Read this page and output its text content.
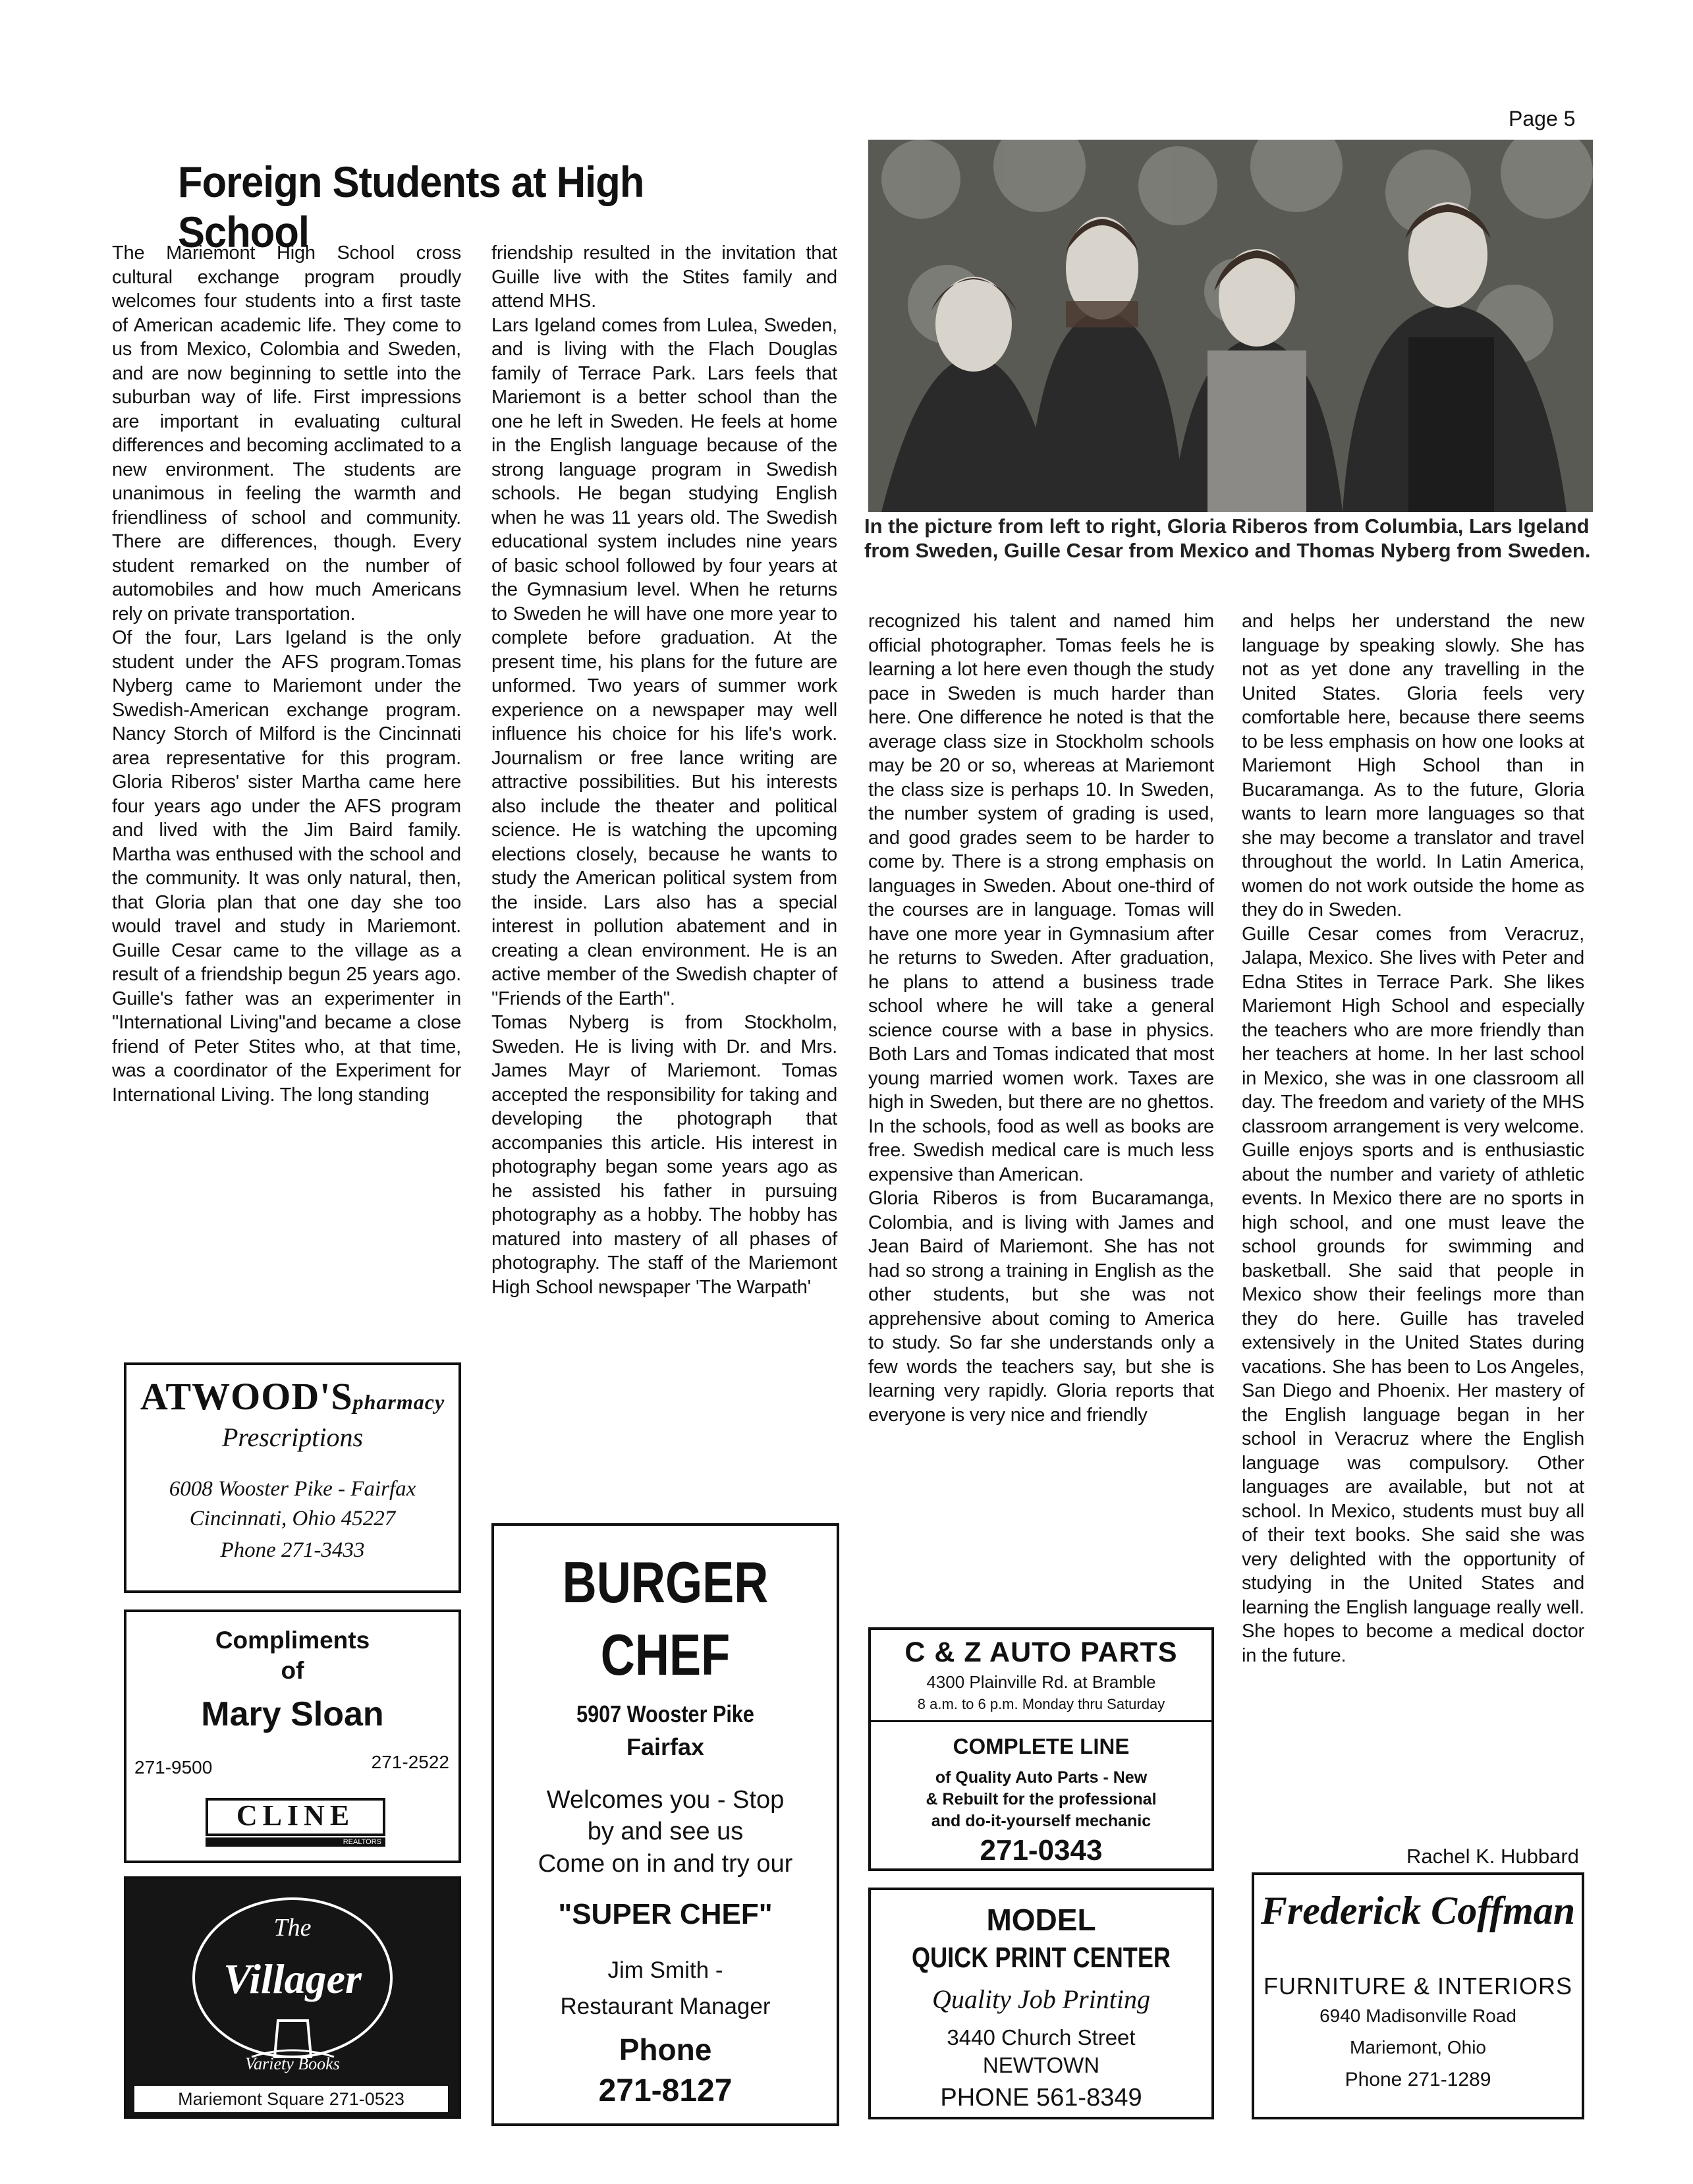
Page 5
Foreign Students at High School
The Mariemont High School cross cultural exchange program proudly welcomes four students into a first taste of American academic life. They come to us from Mexico, Colombia and Sweden, and are now beginning to settle into the suburban way of life. First impressions are important in evaluating cultural differences and becoming acclimated to a new environment. The students are unanimous in feeling the warmth and friendliness of school and community. There are differences, though. Every student remarked on the number of automobiles and how much Americans rely on private transportation.
Of the four, Lars Igeland is the only student under the AFS program.Tomas Nyberg came to Mariemont under the Swedish-American exchange program. Nancy Storch of Milford is the Cincinnati area representative for this program. Gloria Riberos' sister Martha came here four years ago under the AFS program and lived with the Jim Baird family. Martha was enthused with the school and the community. It was only natural, then, that Gloria plan that one day she too would travel and study in Mariemont. Guille Cesar came to the village as a result of a friendship begun 25 years ago. Guille's father was an experimenter in "International Living"and became a close friend of Peter Stites who, at that time, was a coordinator of the Experiment for International Living. The long standing
friendship resulted in the invitation that Guille live with the Stites family and attend MHS.
Lars Igeland comes from Lulea, Sweden, and is living with the Flach Douglas family of Terrace Park. Lars feels that Mariemont is a better school than the one he left in Sweden. He feels at home in the English language because of the strong language program in Swedish schools. He began studying English when he was 11 years old. The Swedish educational system includes nine years of basic school followed by four years at the Gymnasium level. When he returns to Sweden he will have one more year to complete before graduation. At the present time, his plans for the future are unformed. Two years of summer work experience on a newspaper may well influence his choice for his life's work. Journalism or free lance writing are attractive possibilities. But his interests also include the theater and political science. He is watching the upcoming elections closely, because he wants to study the American political system from the inside. Lars also has a special interest in pollution abatement and in creating a clean environment. He is an active member of the Swedish chapter of "Friends of the Earth".
Tomas Nyberg is from Stockholm, Sweden. He is living with Dr. and Mrs. James Mayr of Mariemont. Tomas accepted the responsibility for taking and developing the photograph that accompanies this article. His interest in photography began some years ago as he assisted his father in pursuing photography as a hobby. The hobby has matured into mastery of all phases of photography. The staff of the Mariemont High School newspaper 'The Warpath'
recognized his talent and named him official photographer. Tomas feels he is learning a lot here even though the study pace in Sweden is much harder than here. One difference he noted is that the average class size in Stockholm schools may be 20 or so, whereas at Mariemont the class size is perhaps 10. In Sweden, the number system of grading is used, and good grades seem to be harder to come by. There is a strong emphasis on languages in Sweden. About one-third of the courses are in language. Tomas will have one more year in Gymnasium after he returns to Sweden. After graduation, he plans to attend a business trade school where he will take a general science course with a base in physics. Both Lars and Tomas indicated that most young married women work. Taxes are high in Sweden, but there are no ghettos. In the schools, food as well as books are free. Swedish medical care is much less expensive than American.
Gloria Riberos is from Bucaramanga, Colombia, and is living with James and Jean Baird of Mariemont. She has not had so strong a training in English as the other students, but she was not apprehensive about coming to America to study. So far she understands only a few words the teachers say, but she is learning very rapidly. Gloria reports that everyone is very nice and friendly
and helps her understand the new language by speaking slowly. She has not as yet done any travelling in the United States. Gloria feels very comfortable here, because there seems to be less emphasis on how one looks at Mariemont High School than in Bucaramanga. As to the future, Gloria wants to learn more languages so that she may become a translator and travel throughout the world. In Latin America, women do not work outside the home as they do in Sweden.
Guille Cesar comes from Veracruz, Jalapa, Mexico. She lives with Peter and Edna Stites in Terrace Park. She likes Mariemont High School and especially the teachers who are more friendly than her teachers at home. In her last school in Mexico, she was in one classroom all day. The freedom and variety of the MHS classroom arrangement is very welcome. Guille enjoys sports and is enthusiastic about the number and variety of athletic events. In Mexico there are no sports in high school, and one must leave the school grounds for swimming and basketball. She said that people in Mexico show their feelings more than they do here. Guille has traveled extensively in the United States during vacations. She has been to Los Angeles, San Diego and Phoenix. Her mastery of the English language began in her school in Veracruz where the English language was compulsory. Other languages are available, but not at school. In Mexico, students must buy all of their text books. She said she was very delighted with the opportunity of studying in the United States and learning the English language really well. She hopes to become a medical doctor in the future.
Rachel K. Hubbard
In the picture from left to right, Gloria Riberos from Columbia, Lars Igeland from Sweden, Guille Cesar from Mexico and Thomas Nyberg from Sweden.
ATWOOD'Spharmacy
Prescriptions
6008 Wooster Pike - Fairfax
Cincinnati, Ohio 45227
Phone 271-3433
Compliments
of
Mary Sloan
271-9500	271-2522
CLINE
REALTORS
The
Villager
Variety Books
Mariemont Square 271-0523
BURGER
CHEF
5907 Wooster Pike
Fairfax
Welcomes you - Stop
by and see us
Come on in and try our
"SUPER CHEF"
Jim Smith -
Restaurant Manager
Phone
271-8127
C & Z AUTO PARTS
4300 Plainville Rd. at Bramble
8 a.m. to 6 p.m. Monday thru Saturday
COMPLETE LINE
of Quality Auto Parts - New
& Rebuilt for the professional
and do-it-yourself mechanic
271-0343
MODEL
QUICK PRINT CENTER
Quality Job Printing
3440 Church Street
NEWTOWN
PHONE 561-8349
Frederick Coffman
FURNITURE & INTERIORS
6940 Madisonville Road
Mariemont, Ohio
Phone 271-1289
